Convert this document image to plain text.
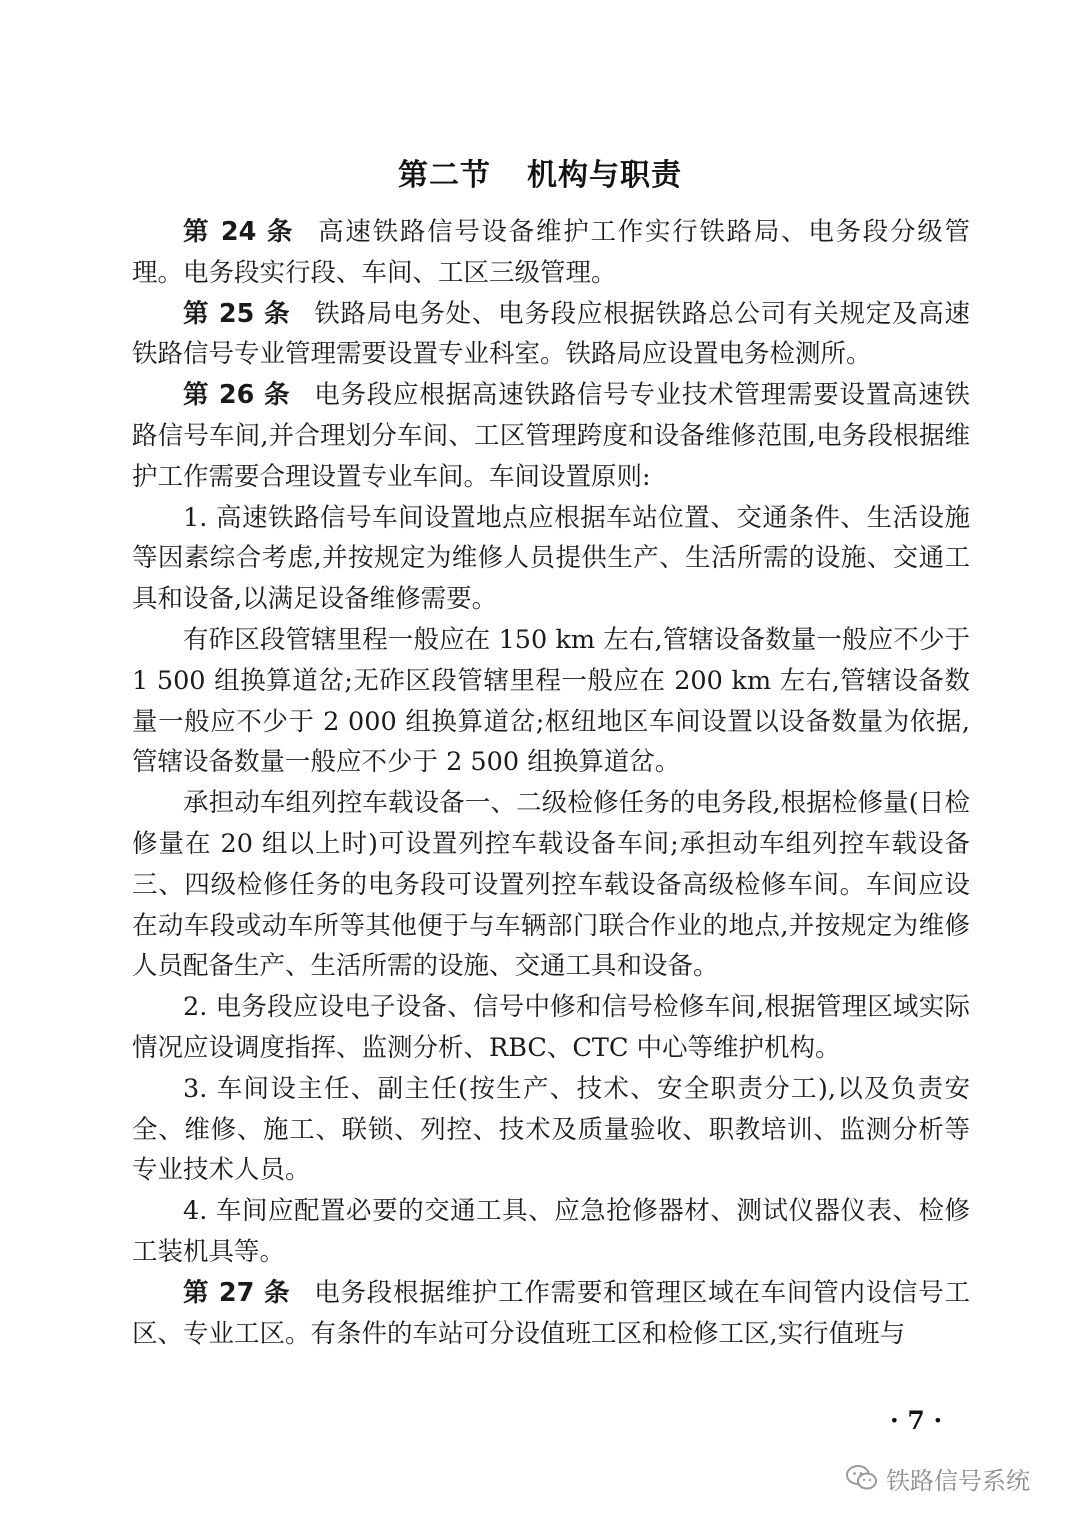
第二节 机构与职责

第 24 条 高速铁路信号设备维护工作实行铁路局、电务段分级管理。电务段实行段、车间、工区三级管理。

第 25 条 铁路局电务处、电务段应根据铁路总公司有关规定及高速铁路信号专业管理需要设置专业科室。铁路局应设置电务检测所。

第 26 条 电务段应根据高速铁路信号专业技术管理需要设置高速铁路信号车间,并合理划分车间、工区管理跨度和设备维修范围,电务段根据维护工作需要合理设置专业车间。车间设置原则:

1. 高速铁路信号车间设置地点应根据车站位置、交通条件、生活设施等因素综合考虑,并按规定为维修人员提供生产、生活所需的设施、交通工具和设备,以满足设备维修需要。

有砟区段管辖里程一般应在 150 km 左右,管辖设备数量一般应不少于 1 500 组换算道岔;无砟区段管辖里程一般应在 200 km 左右,管辖设备数量一般应不少于 2 000 组换算道岔;枢纽地区车间设置以设备数量为依据,管辖设备数量一般应不少于 2 500 组换算道岔。

承担动车组列控车载设备一、二级检修任务的电务段,根据检修量(日检修量在 20 组以上时)可设置列控车载设备车间;承担动车组列控车载设备三、四级检修任务的电务段可设置列控车载设备高级检修车间。车间应设在动车段或动车所等其他便于与车辆部门联合作业的地点,并按规定为维修人员配备生产、生活所需的设施、交通工具和设备。

2. 电务段应设电子设备、信号中修和信号检修车间,根据管理区域实际情况应设调度指挥、监测分析、RBC、CTC 中心等维护机构。

3. 车间设主任、副主任(按生产、技术、安全职责分工),以及负责安全、维修、施工、联锁、列控、技术及质量验收、职教培训、监测分析等专业技术人员。

4. 车间应配置必要的交通工具、应急抢修器材、测试仪器仪表、检修工装机具等。

第 27 条 电务段根据维护工作需要和管理区域在车间管内设信号工区、专业工区。有条件的车站可分设值班工区和检修工区,实行值班与

· 7 ·
铁路信号系统
